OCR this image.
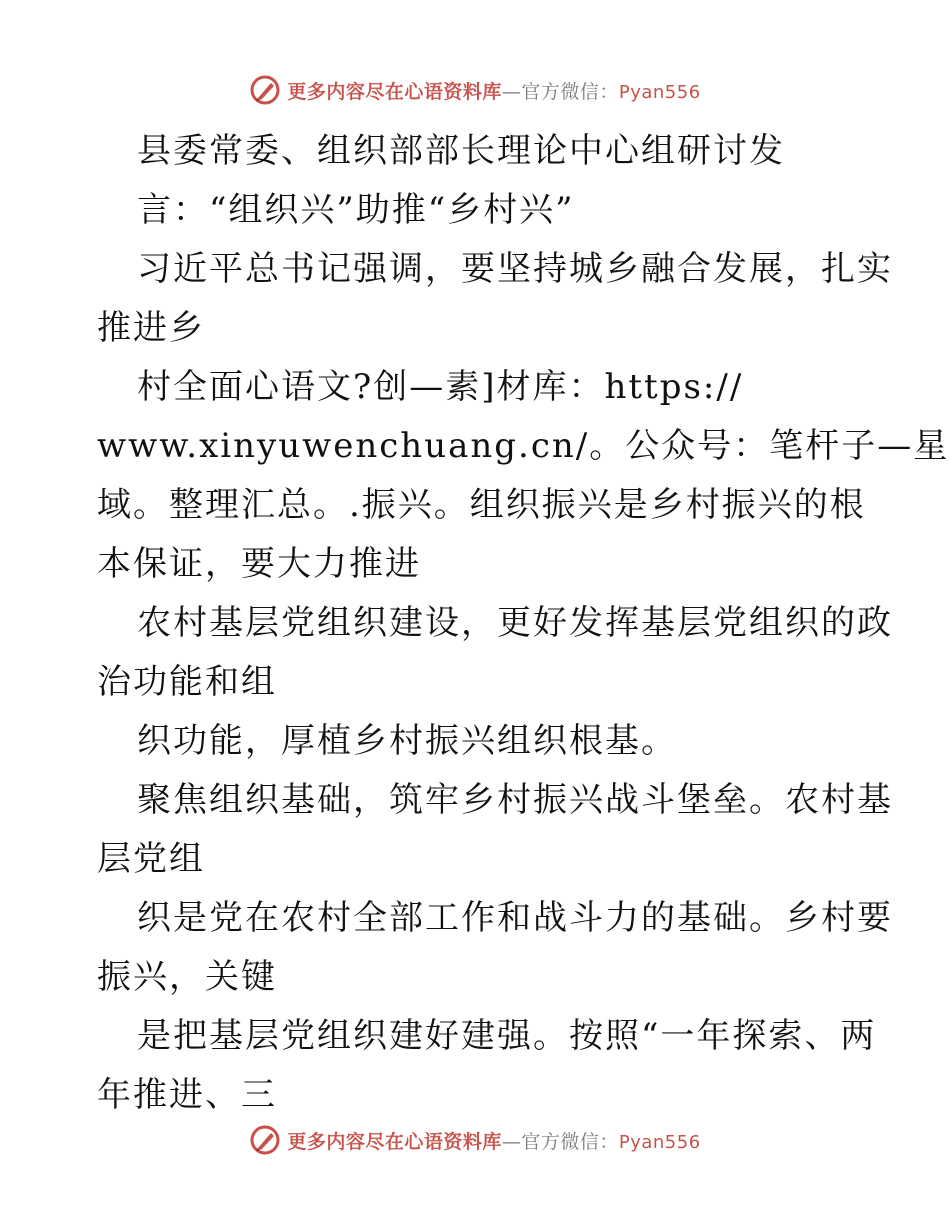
更多内容尽在心语资料库—官方微信：Pyan556
县委常委、组织部部长理论中心组研讨发
言：“组织兴”助推“乡村兴”
习近平总书记强调，要坚持城乡融合发展，扎实
推进乡
村全面心语文?创—素]材库：https://
www.xinyuwenchuang.cn/。公众号：笔杆子—星
域。整理汇总。.振兴。组织振兴是乡村振兴的根
本保证，要大力推进
农村基层党组织建设，更好发挥基层党组织的政
治功能和组
织功能，厚植乡村振兴组织根基。
聚焦组织基础，筑牢乡村振兴战斗堡垒。农村基
层党组
织是党在农村全部工作和战斗力的基础。乡村要
振兴，关键
是把基层党组织建好建强。按照“一年探索、两
年推进、三
更多内容尽在心语资料库—官方微信：Pyan556
